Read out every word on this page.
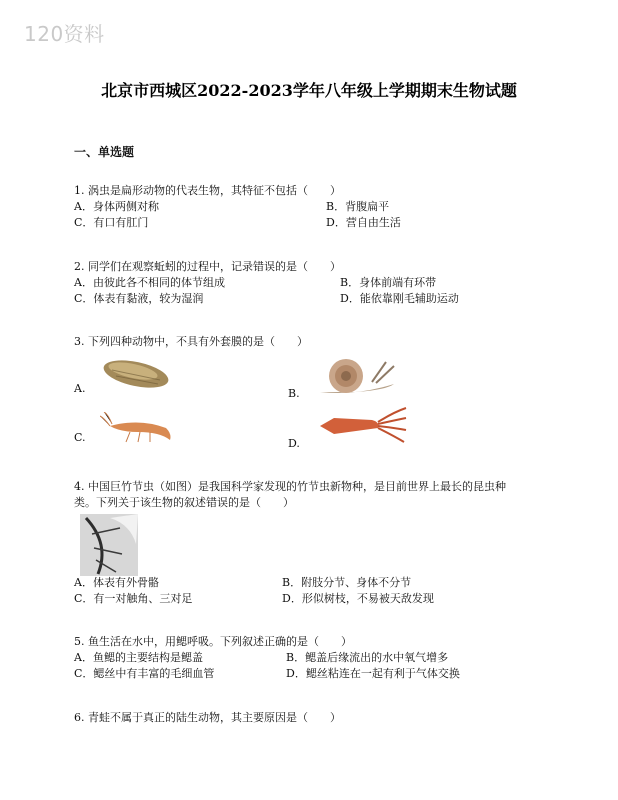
120资料
北京市西城区2022-2023学年八年级上学期期末生物试题
一、单选题
1. 涡虫是扁形动物的代表生物，其特征不包括（　　）
A．身体两侧对称	B．背腹扁平
C．有口有肛门	D．营自由生活
2. 同学们在观察蚯蚓的过程中，记录错误的是（　　）
A．由彼此各不相同的体节组成	B．身体前端有环带
C．体表有黏液，较为湿润	D．能依靠刚毛辅助运动
3. 下列四种动物中，不具有外套膜的是（　　）
A.	B.
C.	D.
4. 中国巨竹节虫（如图）是我国科学家发现的竹节虫新物种，是目前世界上最长的昆虫种
类。下列关于该生物的叙述错误的是（　　）
A．体表有外骨骼	B．附肢分节、身体不分节
C．有一对触角、三对足	D．形似树枝，不易被天敌发现
5. 鱼生活在水中，用鳃呼吸。下列叙述正确的是（　　）
A．鱼鳃的主要结构是鳃盖	B．鳃盖后缘流出的水中氧气增多
C．鳃丝中有丰富的毛细血管	D．鳃丝粘连在一起有利于气体交换
6. 青蛙不属于真正的陆生动物，其主要原因是（　　）
